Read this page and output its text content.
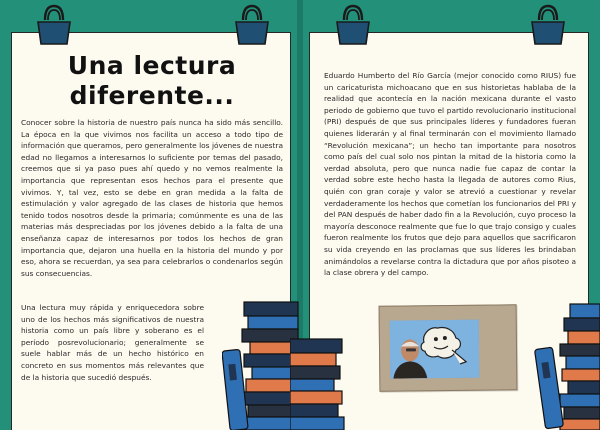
Una lectura
diferente...

Conocer sobre la historia de nuestro país nunca ha sido más sencillo. La época en la que vivimos nos facilita un acceso a todo tipo de información que queramos, pero generalmente los jóvenes de nuestra edad no llegamos a interesarnos lo suficiente por temas del pasado, creemos que si ya paso pues ahí quedo y no vemos realmente la importancia que representan esos hechos para el presente que vivimos. Y, tal vez, esto se debe en gran medida a la falta de estimulación y valor agregado de las clases de historia que hemos tenido todos nosotros desde la primaria; comúnmente es una de las materias más despreciadas por los jóvenes debido a la falta de una enseñanza capaz de interesarnos por todos los hechos de gran importancia que, dejaron una huella en la historia del mundo y por eso, ahora se recuerdan, ya sea para celebrarlos o condenarlos según sus consecuencias.

Una lectura muy rápida y enriquecedora sobre uno de los hechos más significativos de nuestra historia como un país libre y soberano es el período posrevolucionario; generalmente se suele hablar más de un hecho histórico en concreto en sus momentos más relevantes que de la historia que sucedió después.

Eduardo Humberto del Río García (mejor conocido como RIUS) fue un caricaturista michoacano que en sus historietas hablaba de la realidad que acontecía en la nación mexicana durante el vasto periodo de gobierno que tuvo el partido revolucionario institucional (PRI) después de que sus principales líderes y fundadores fueran quienes liderarán y al final terminarán con el movimiento llamado “Revolución mexicana”; un hecho tan importante para nosotros como país del cual solo nos pintan la mitad de la historia como la verdad absoluta, pero que nunca nadie fue capaz de contar la verdad sobre este hecho hasta la llegada de autores como Rius, quién con gran coraje y valor se atrevió a cuestionar y revelar verdaderamente los hechos que cometían los funcionarios del PRI y del PAN después de haber dado fin a la Revolución, cuyo proceso la mayoría desconoce realmente que fue lo que trajo consigo y cuales fueron realmente los frutos que dejo para aquellos que sacrificaron su vida creyendo en las proclamas que sus líderes les brindaban animándolos a revelarse contra la dictadura que por años pisoteo a la clase obrera y del campo.
